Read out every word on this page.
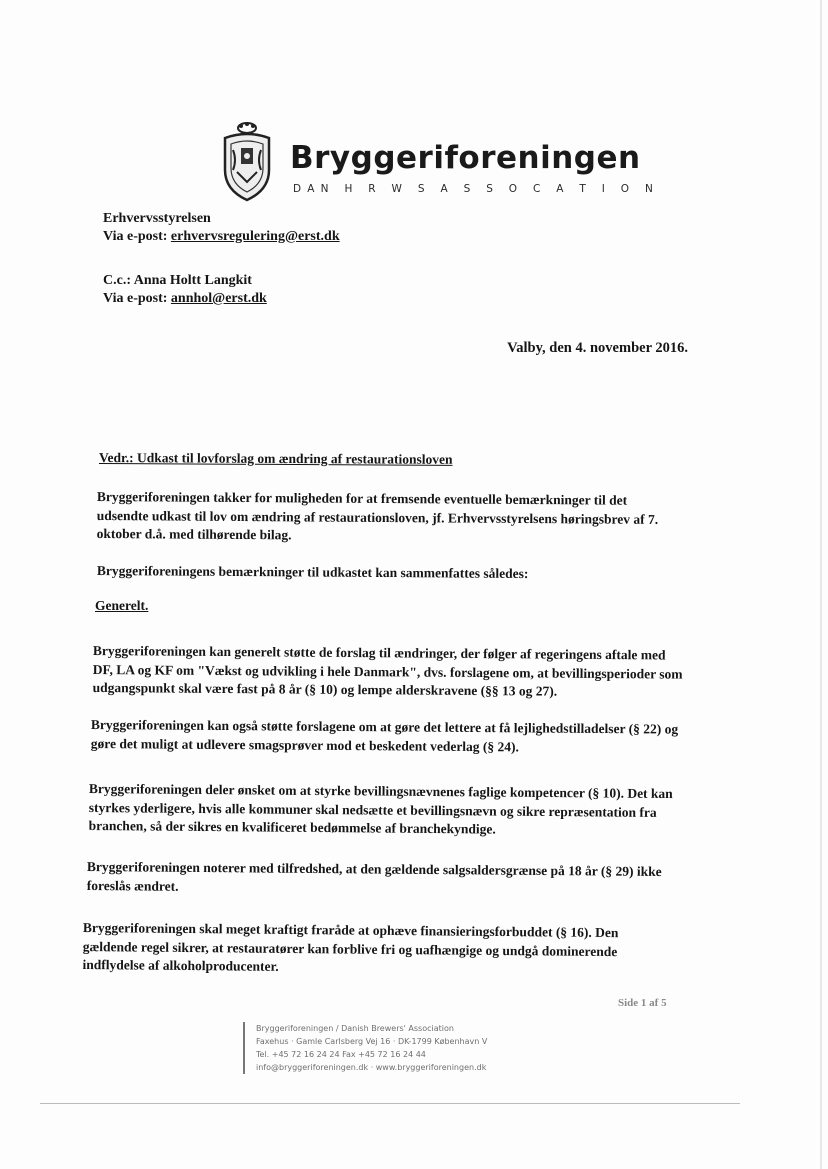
Bryggeriforeningen
DAN H R W S A S S O C A T I O N
Erhvervsstyrelsen
Via e-post: erhvervsregulering@erst.dk
C.c.: Anna Holtt Langkit
Via e-post: annhol@erst.dk
Valby, den 4. november 2016.
Vedr.: Udkast til lovforslag om ændring af restaurationsloven
Bryggeriforeningen takker for muligheden for at fremsende eventuelle bemærkninger til det udsendte udkast til lov om ændring af restaurationsloven, jf. Erhvervsstyrelsens høringsbrev af 7. oktober d.å. med tilhørende bilag.
Bryggeriforeningens bemærkninger til udkastet kan sammenfattes således:
Generelt.
Bryggeriforeningen kan generelt støtte de forslag til ændringer, der følger af regeringens aftale med DF, LA og KF om "Vækst og udvikling i hele Danmark", dvs. forslagene om, at bevillingsperioder som udgangspunkt skal være fast på 8 år (§ 10) og lempe alderskravene (§§ 13 og 27).
Bryggeriforeningen kan også støtte forslagene om at gøre det lettere at få lejlighedstilladelser (§ 22) og gøre det muligt at udlevere smagsprøver mod et beskedent vederlag (§ 24).
Bryggeriforeningen deler ønsket om at styrke bevillingsnævnenes faglige kompetencer (§ 10). Det kan styrkes yderligere, hvis alle kommuner skal nedsætte et bevillingsnævn og sikre repræsentation fra branchen, så der sikres en kvalificeret bedømmelse af branchekyndige.
Bryggeriforeningen noterer med tilfredshed, at den gældende salgsaldersgrænse på 18 år (§ 29) ikke foreslås ændret.
Bryggeriforeningen skal meget kraftigt fraråde at ophæve finansieringsforbuddet (§ 16). Den gældende regel sikrer, at restauratører kan forblive fri og uafhængige og undgå dominerende indflydelse af alkoholproducenter.
Side 1 af 5
Bryggeriforeningen / Danish Brewers' Association
Faxehus · Gamle Carlsberg Vej 16 · DK-1799 København V
Tel. +45 72 16 24 24 Fax +45 72 16 24 44
info@bryggeriforeningen.dk · www.bryggeriforeningen.dk
